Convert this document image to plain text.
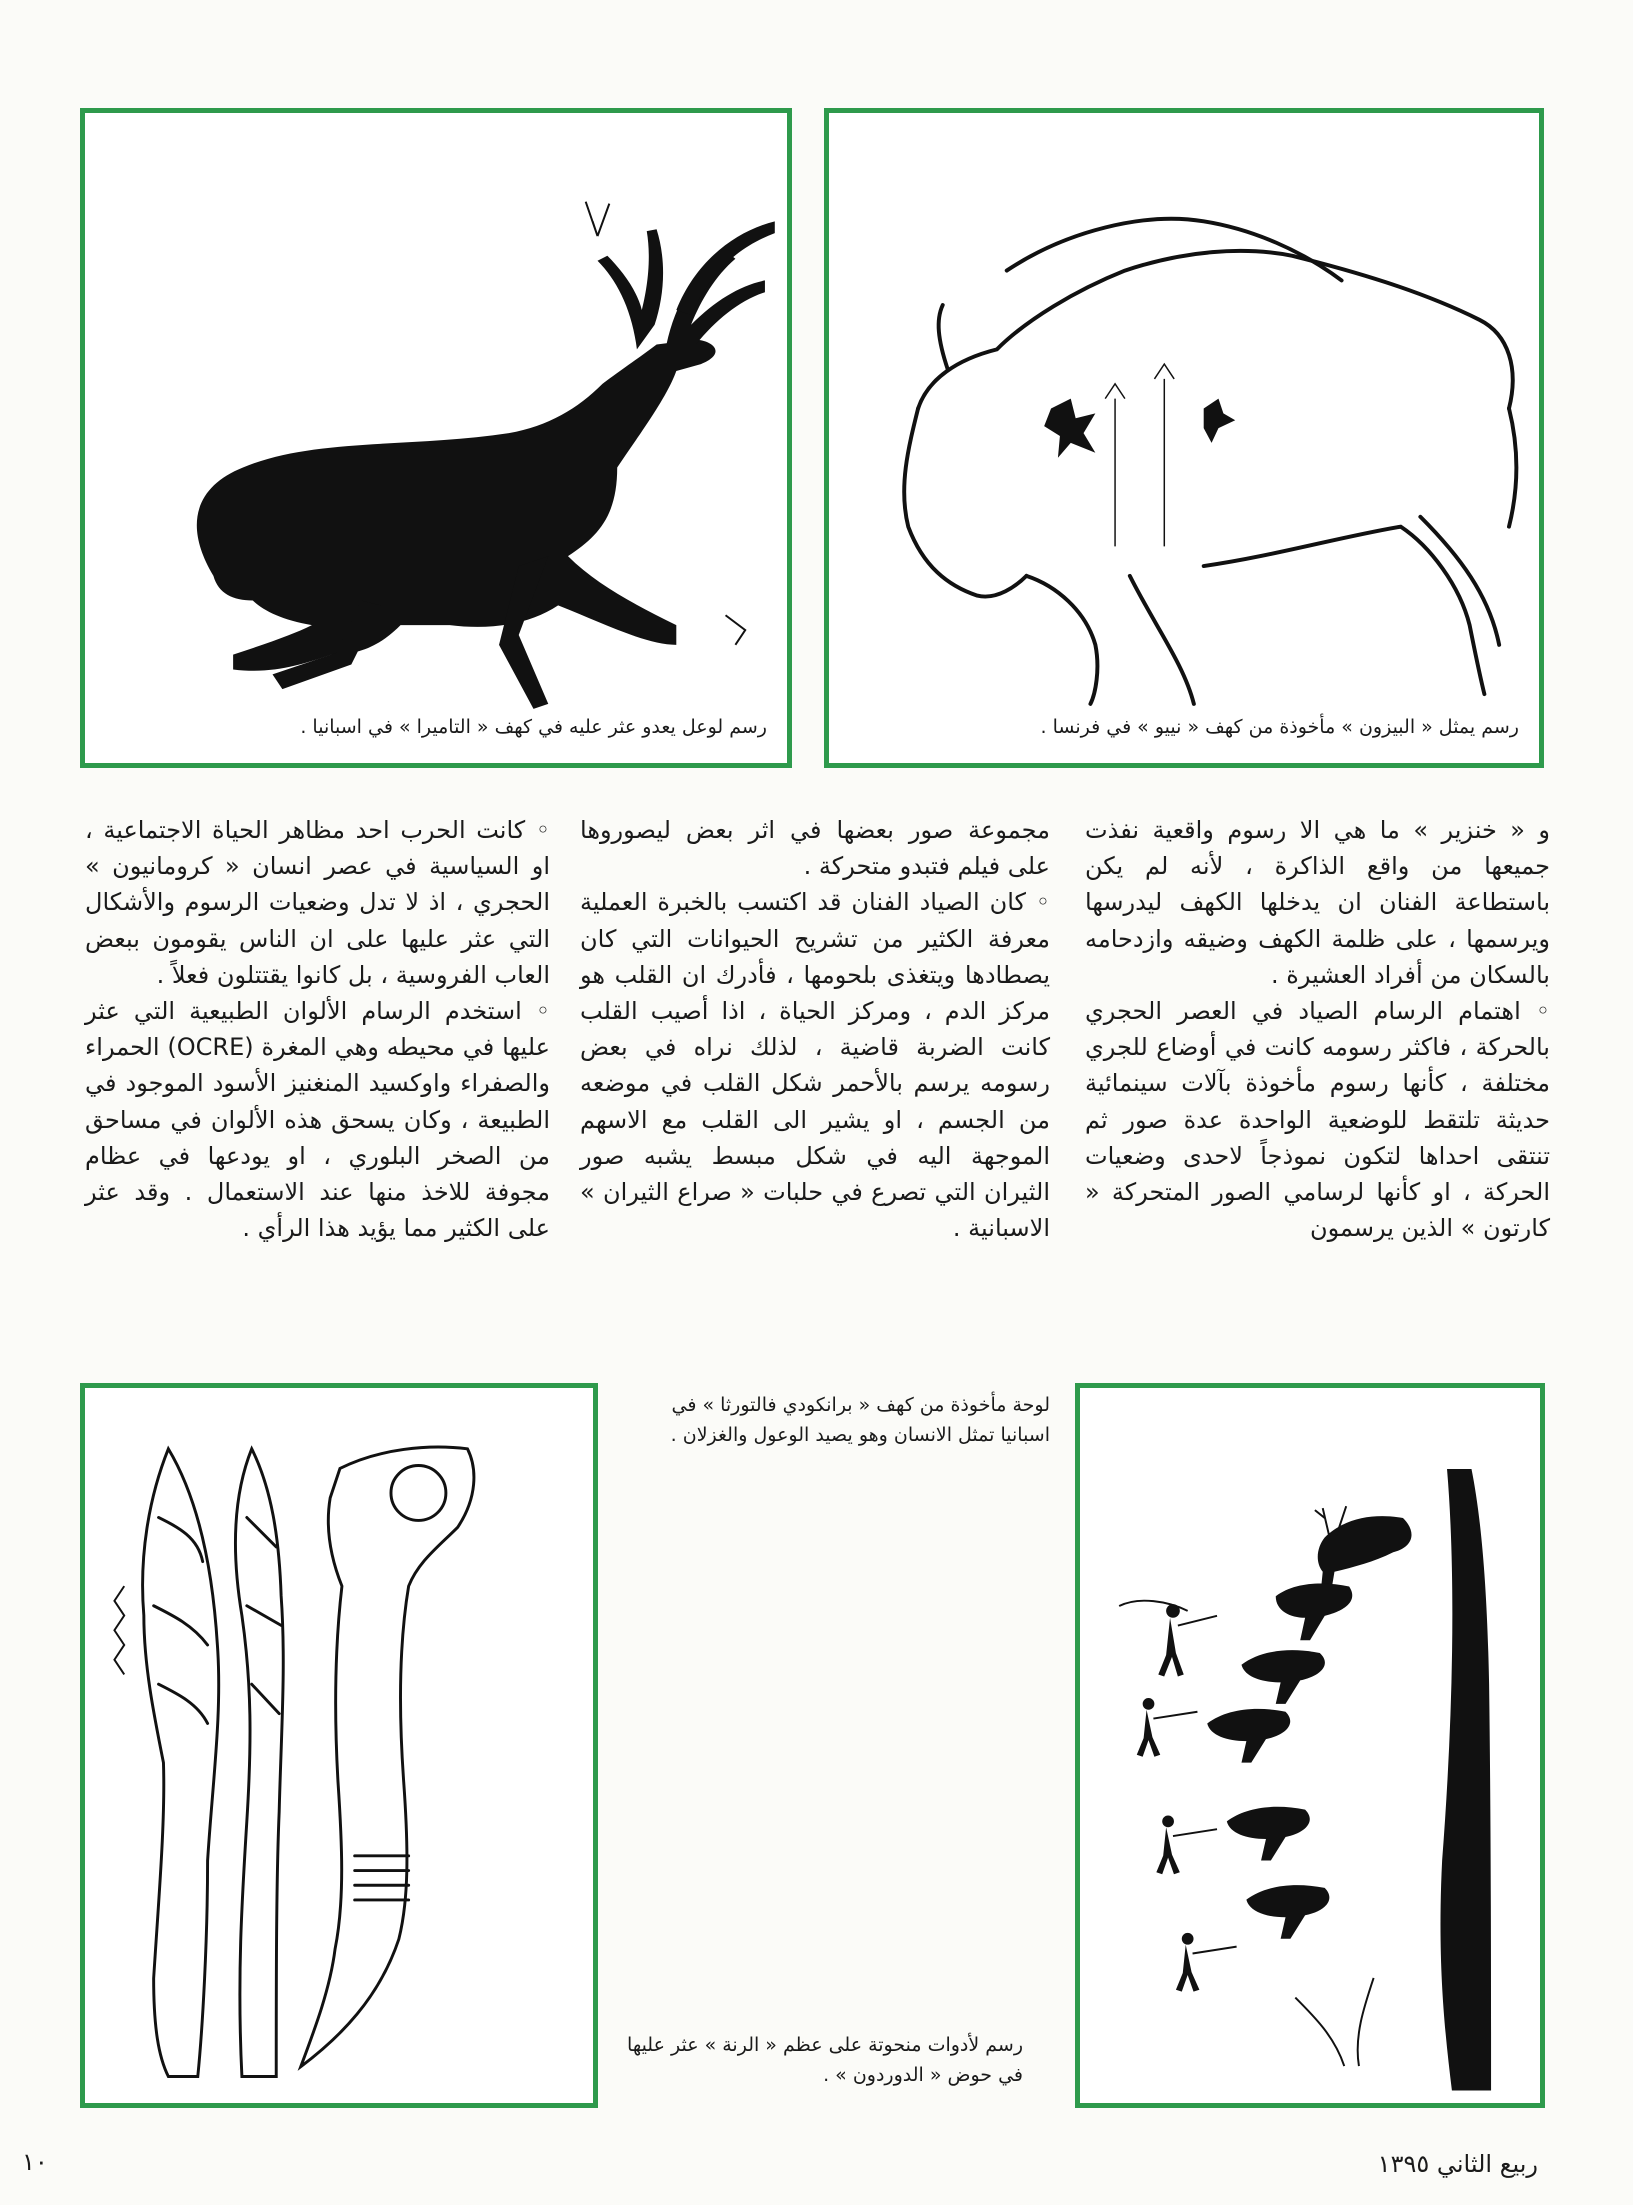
رسم لوعل يعدو عثر عليه في كهف « التاميرا » في اسبانيا .	رسم يمثل « البيزون » مأخوذة من كهف « نييو » في فرنسا .

و « خنزير » ما هي الا رسوم واقعية نفذت جميعها من واقع الذاكرة ، لأنه لم يكن باستطاعة الفنان ان يدخلها الكهف ليدرسها ويرسمها ، على ظلمة الكهف وضيقه وازدحامه بالسكان من أفراد العشيرة .

◦ اهتمام الرسام الصياد في العصر الحجري بالحركة ، فاكثر رسومه كانت في أوضاع للجري مختلفة ، كأنها رسوم مأخوذة بآلات سينمائية حديثة تلتقط للوضعية الواحدة عدة صور ثم تنتقى احداها لتكون نموذجاً لاحدى وضعيات الحركة ، او كأنها لرسامي الصور المتحركة « كارتون » الذين يرسمون

مجموعة صور بعضها في اثر بعض ليصوروها على فيلم فتبدو متحركة .

◦ كان الصياد الفنان قد اكتسب بالخبرة العملية معرفة الكثير من تشريح الحيوانات التي كان يصطادها ويتغذى بلحومها ، فأدرك ان القلب هو مركز الدم ، ومركز الحياة ، اذا أصيب القلب كانت الضربة قاضية ، لذلك نراه في بعض رسومه يرسم بالأحمر شكل القلب في موضعه من الجسم ، او يشير الى القلب مع الاسهم الموجهة اليه في شكل مبسط يشبه صور الثيران التي تصرع في حلبات « صراع الثيران » الاسبانية .

◦ كانت الحرب احد مظاهر الحياة الاجتماعية ، او السياسية في عصر انسان « كرومانيون » الحجري ، اذ لا تدل وضعيات الرسوم والأشكال التي عثر عليها على ان الناس يقومون ببعض العاب الفروسية ، بل كانوا يقتتلون فعلاً .

◦ استخدم الرسام الألوان الطبيعية التي عثر عليها في محيطه وهي المغرة (OCRE) الحمراء والصفراء واوكسيد المنغنيز الأسود الموجود في الطبيعة ، وكان يسحق هذه الألوان في مساحق من الصخر البلوري ، او يودعها في عظام مجوفة للاخذ منها عند الاستعمال . وقد عثر على الكثير مما يؤيد هذا الرأي .

لوحة مأخوذة من كهف « برانكودي فالتورثا » في اسبانيا تمثل الانسان وهو يصيد الوعول والغزلان .
رسم لأدوات منحوتة على عظم « الرنة » عثر عليها في حوض « الدوردون » .
١٠	ربيع الثاني ١٣٩٥
